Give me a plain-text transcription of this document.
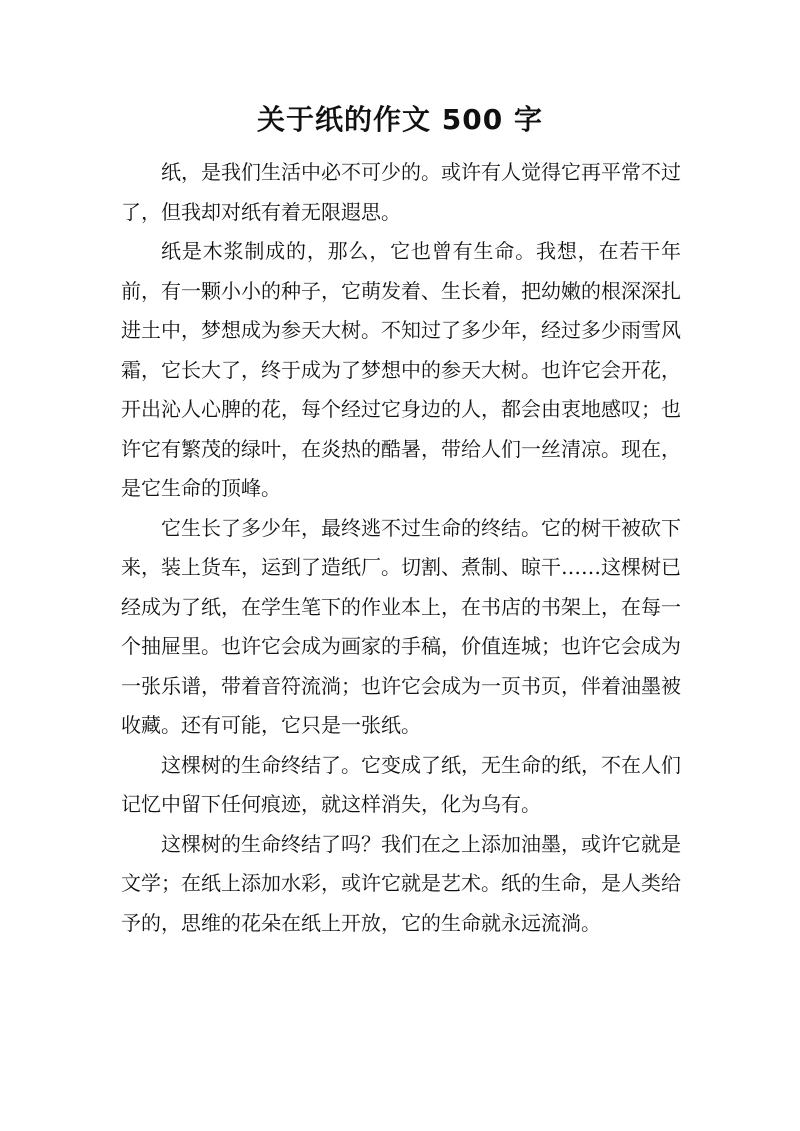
关于纸的作文 500 字

纸，是我们生活中必不可少的。或许有人觉得它再平常不过了，但我却对纸有着无限遐思。

纸是木浆制成的，那么，它也曾有生命。我想，在若干年前，有一颗小小的种子，它萌发着、生长着，把幼嫩的根深深扎进土中，梦想成为参天大树。不知过了多少年，经过多少雨雪风霜，它长大了，终于成为了梦想中的参天大树。也许它会开花，开出沁人心脾的花，每个经过它身边的人，都会由衷地感叹；也许它有繁茂的绿叶，在炎热的酷暑，带给人们一丝清凉。现在，是它生命的顶峰。

它生长了多少年，最终逃不过生命的终结。它的树干被砍下来，装上货车，运到了造纸厂。切割、煮制、晾干……这棵树已经成为了纸，在学生笔下的作业本上，在书店的书架上，在每一个抽屉里。也许它会成为画家的手稿，价值连城；也许它会成为一张乐谱，带着音符流淌；也许它会成为一页书页，伴着油墨被收藏。还有可能，它只是一张纸。

这棵树的生命终结了。它变成了纸，无生命的纸，不在人们记忆中留下任何痕迹，就这样消失，化为乌有。

这棵树的生命终结了吗？我们在之上添加油墨，或许它就是文学；在纸上添加水彩，或许它就是艺术。纸的生命，是人类给予的，思维的花朵在纸上开放，它的生命就永远流淌。
